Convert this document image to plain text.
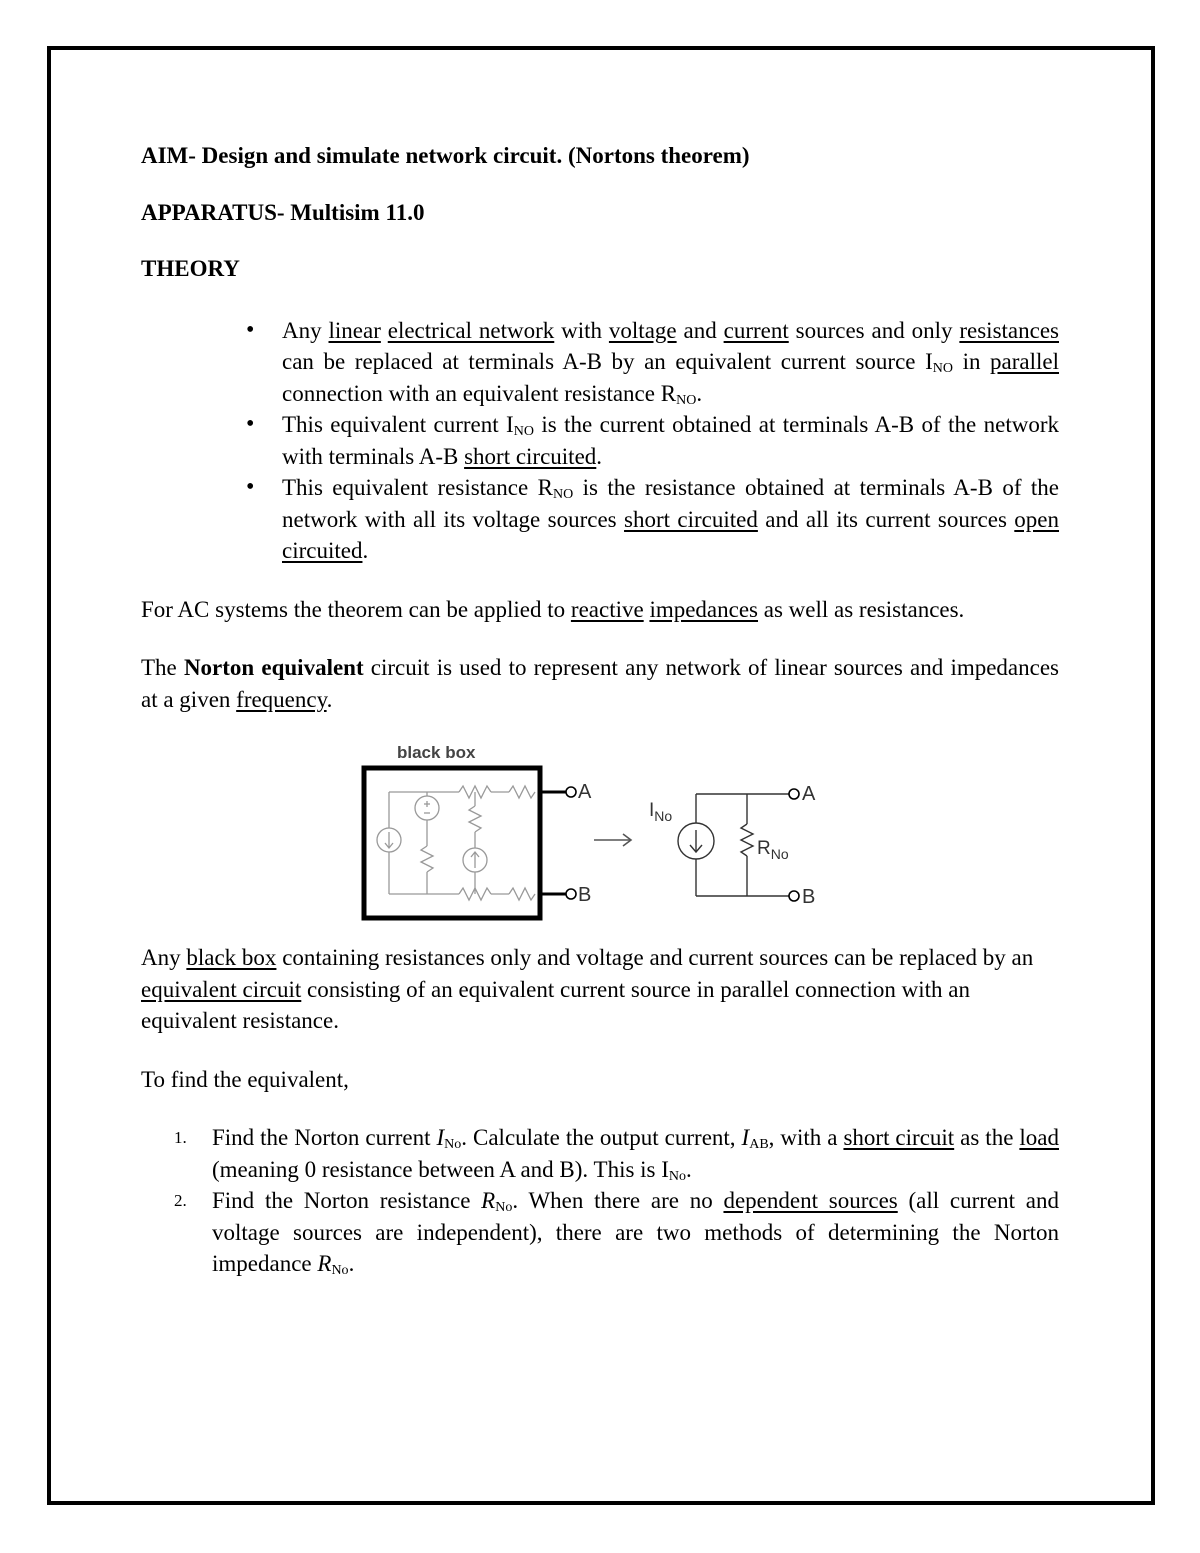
AIM- Design and simulate network circuit. (Nortons theorem)

APPARATUS- Multisim 11.0

THEORY

• Any linear electrical network with voltage and current sources and only resistances can be replaced at terminals A-B by an equivalent current source $I_{NO}$ in parallel connection with an equivalent resistance $R_{NO}$.
• This equivalent current $I_{NO}$ is the current obtained at terminals A-B of the network with terminals A-B short circuited.
• This equivalent resistance $R_{NO}$ is the resistance obtained at terminals A-B of the network with all its voltage sources short circuited and all its current sources open circuited.

For AC systems the theorem can be applied to reactive impedances as well as resistances.

The Norton equivalent circuit is used to represent any network of linear sources and impedances at a given frequency.

black box
A
B
$I_{No}$
$R_{No}$
A
B

Any black box containing resistances only and voltage and current sources can be replaced by an equivalent circuit consisting of an equivalent current source in parallel connection with an equivalent resistance.

To find the equivalent,

Find the Norton current $I_{No}$. Calculate the output current, $I_{AB}$, with a short circuit as the load (meaning 0 resistance between A and B). This is $I_{No}$.
Find the Norton resistance $R_{No}$. When there are no dependent sources (all current and voltage sources are independent), there are two methods of determining the Norton impedance $R_{No}$.
